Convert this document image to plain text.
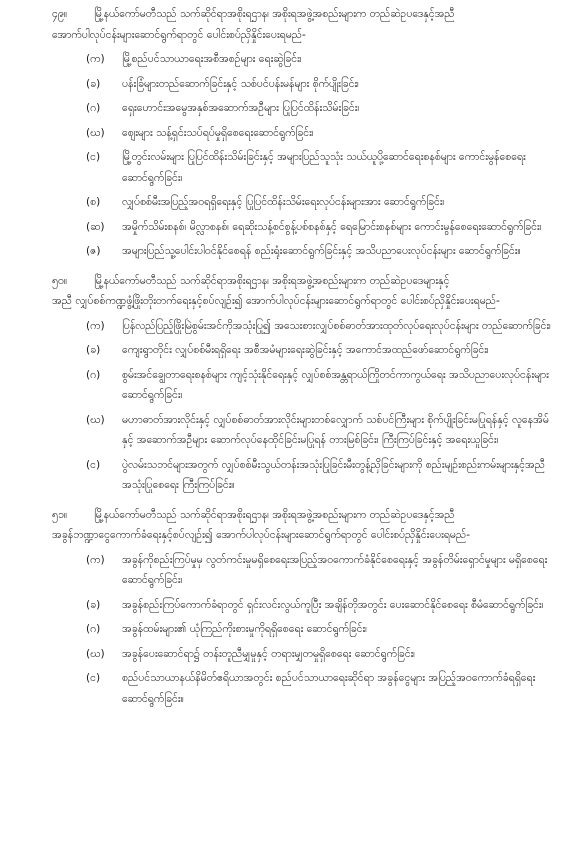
၄၉။	မြို့နယ်ကော်မတီသည် သက်ဆိုင်ရာအစိုးရဌာန၊ အစိုးရအဖွဲ့အစည်းများက တည်ဆဲဥပဒေနှင့်အညီ
အောက်ပါလုပ်ငန်းများဆောင်ရွက်ရာတွင် ပေါင်းစပ်ညှိနှိုင်းပေးရမည်-
(က)	မြို့စည်ပင်သာယာရေးအစီအစဉ်များ ရေးဆွဲခြင်း၊
(ခ)	ပန်းခြံများတည်ဆောက်ခြင်းနှင့် သစ်ပင်ပန်းမန်များ စိုက်ပျိုးခြင်း၊
(ဂ)	ရှေးဟောင်းအမွေအနှစ်အဆောက်အဦများ ပြုပြင်ထိန်းသိမ်းခြင်း၊
(ဃ)	ဈေးများ သန့်ရှင်းသပ်ရပ်မှုရှိစေရေးဆောင်ရွက်ခြင်း၊
(င)	မြို့တွင်းလမ်းများ ပြုပြင်ထိန်းသိမ်းခြင်းနှင့် အများပြည်သူသုံး သယ်ယူပို့ဆောင်ရေးစနစ်များ ကောင်းမွန်စေရေးဆောင်ရွက်ခြင်း၊
(စ)	လျှပ်စစ်မီးအပြည့်အဝရရှိရေးနှင့် ပြုပြင်ထိန်းသိမ်းရေးလုပ်ငန်းများအား ဆောင်ရွက်ခြင်း၊
(ဆ)	အမှိုက်သိမ်းစနစ်၊ မိလ္လာစနစ်၊ ရေဆိုးသန့်စင်စွန့်ပစ်စနစ်နှင့် ရေမြောင်းစနစ်များ ကောင်းမွန်စေရေးဆောင်ရွက်ခြင်း၊
(ဇ)	အများပြည်သူ့ပေါင်းပါဝင်နိုင်စေရန် စည်းရုံးဆောင်ရွက်ခြင်းနှင့် အသိပညာပေးလုပ်ငန်းများ ဆောင်ရွက်ခြင်း။
၅၀။	မြို့နယ်ကော်မတီသည် သက်ဆိုင်ရာအစိုးရဌာန၊ အစိုးရအဖွဲ့အစည်းများက တည်ဆဲဥပဒေများနှင့်
အညီ လျှပ်စစ်ကဏ္ဍဖွံ့ဖြိုးတိုးတက်ရေးနှင့်စပ်လျဉ်း၍ အောက်ပါလုပ်ငန်းများဆောင်ရွက်ရာတွင် ပေါင်းစပ်ညှိနှိုင်းပေးရမည်-
(က)	ပြန်လည်ပြည့်ဖြိုးမြဲစွမ်းအင်ကိုအသုံးပြု၍ အသေးစားလျှပ်စစ်ဓာတ်အားထုတ်လုပ်ရေးလုပ်ငန်းများ တည်ဆောက်ခြင်း၊
(ခ)	ကျေးရွာတိုင်း လျှပ်စစ်မီးရရှိရေး အစီအမံများရေးဆွဲခြင်းနှင့် အကောင်အထည်ဖော်ဆောင်ရွက်ခြင်း၊
(ဂ)	စွမ်းအင်ချွေတာရေးစနစ်များ ကျင့်သုံးနိုင်ရေးနှင့် လျှပ်စစ်အန္တရာယ်ကြိုတင်ကာကွယ်ရေး အသိပညာပေးလုပ်ငန်းများဆောင်ရွက်ခြင်း၊
(ဃ)	မဟာဓာတ်အားလိုင်းနှင့် လျှပ်စစ်ဓာတ်အားလိုင်းများတစ်လျှောက် သစ်ပင်ကြီးများ စိုက်ပျိုးခြင်းမပြုရန်နှင့် လူနေအိမ်နှင့် အဆောက်အဦများ ဆောက်လုပ်နေထိုင်ခြင်းမပြုရန် တားမြစ်ခြင်း၊ ကြီးကြပ်ခြင်းနှင့် အရေးယူခြင်း၊
(င)	ပွဲလမ်းသဘင်များအတွက် လျှပ်စစ်မီးသွယ်တန်းအသုံးပြုခြင်းမီးတွန့်ညှိခြင်းများကို စည်းမျဉ်းစည်းကမ်းများနှင့်အညီ အသုံးပြုစေရေး ကြီးကြပ်ခြင်း။
၅၁။	မြို့နယ်ကော်မတီသည် သက်ဆိုင်ရာအစိုးရဌာန၊ အစိုးရအဖွဲ့အစည်းများက တည်ဆဲဥပဒေနှင့်အညီ
အခွန်ဘဏ္ဍာငွေကောက်ခံရေးနှင့်စပ်လျဉ်း၍ အောက်ပါလုပ်ငန်းများဆောင်ရွက်ရာတွင် ပေါင်းစပ်ညှိနှိုင်းပေးရမည်-
(က)	အခွန်ကိုစည်းကြပ်မှုမှ လွတ်ကင်းမှုမရှိစေရေးအပြည့်အဝကောက်ခံနိုင်စေရေးနှင့် အခွန်တိမ်းရှောင်မှုများ မရှိစေရေး ဆောင်ရွက်ခြင်း၊
(ခ)	အခွန်စည်းကြပ်ကောက်ခံရာတွင် ရှင်းလင်းလွယ်ကူပြီး အချိန်တိုအတွင်း ပေးဆောင်နိုင်စေရေး စီမံဆောင်ရွက်ခြင်း၊
(ဂ)	အခွန်ထမ်းများ၏ ယုံကြည်ကိုးစားမှုကိုရရှိစေရေး ဆောင်ရွက်ခြင်း၊
(ဃ)	အခွန်ပေးဆောင်ရာ၌ တန်းတူညီမျှမှုနှင့် တရားမျှတမှုရှိစေရေး ဆောင်ရွက်ခြင်း၊
(င)	စည်ပင်သာယာနယ်နိမိတ်ဧရိယာအတွင်း စည်ပင်သာယာရေးဆိုင်ရာ အခွန်ငွေများ အပြည့်အဝကောက်ခံရရှိရေး ဆောင်ရွက်ခြင်း။
